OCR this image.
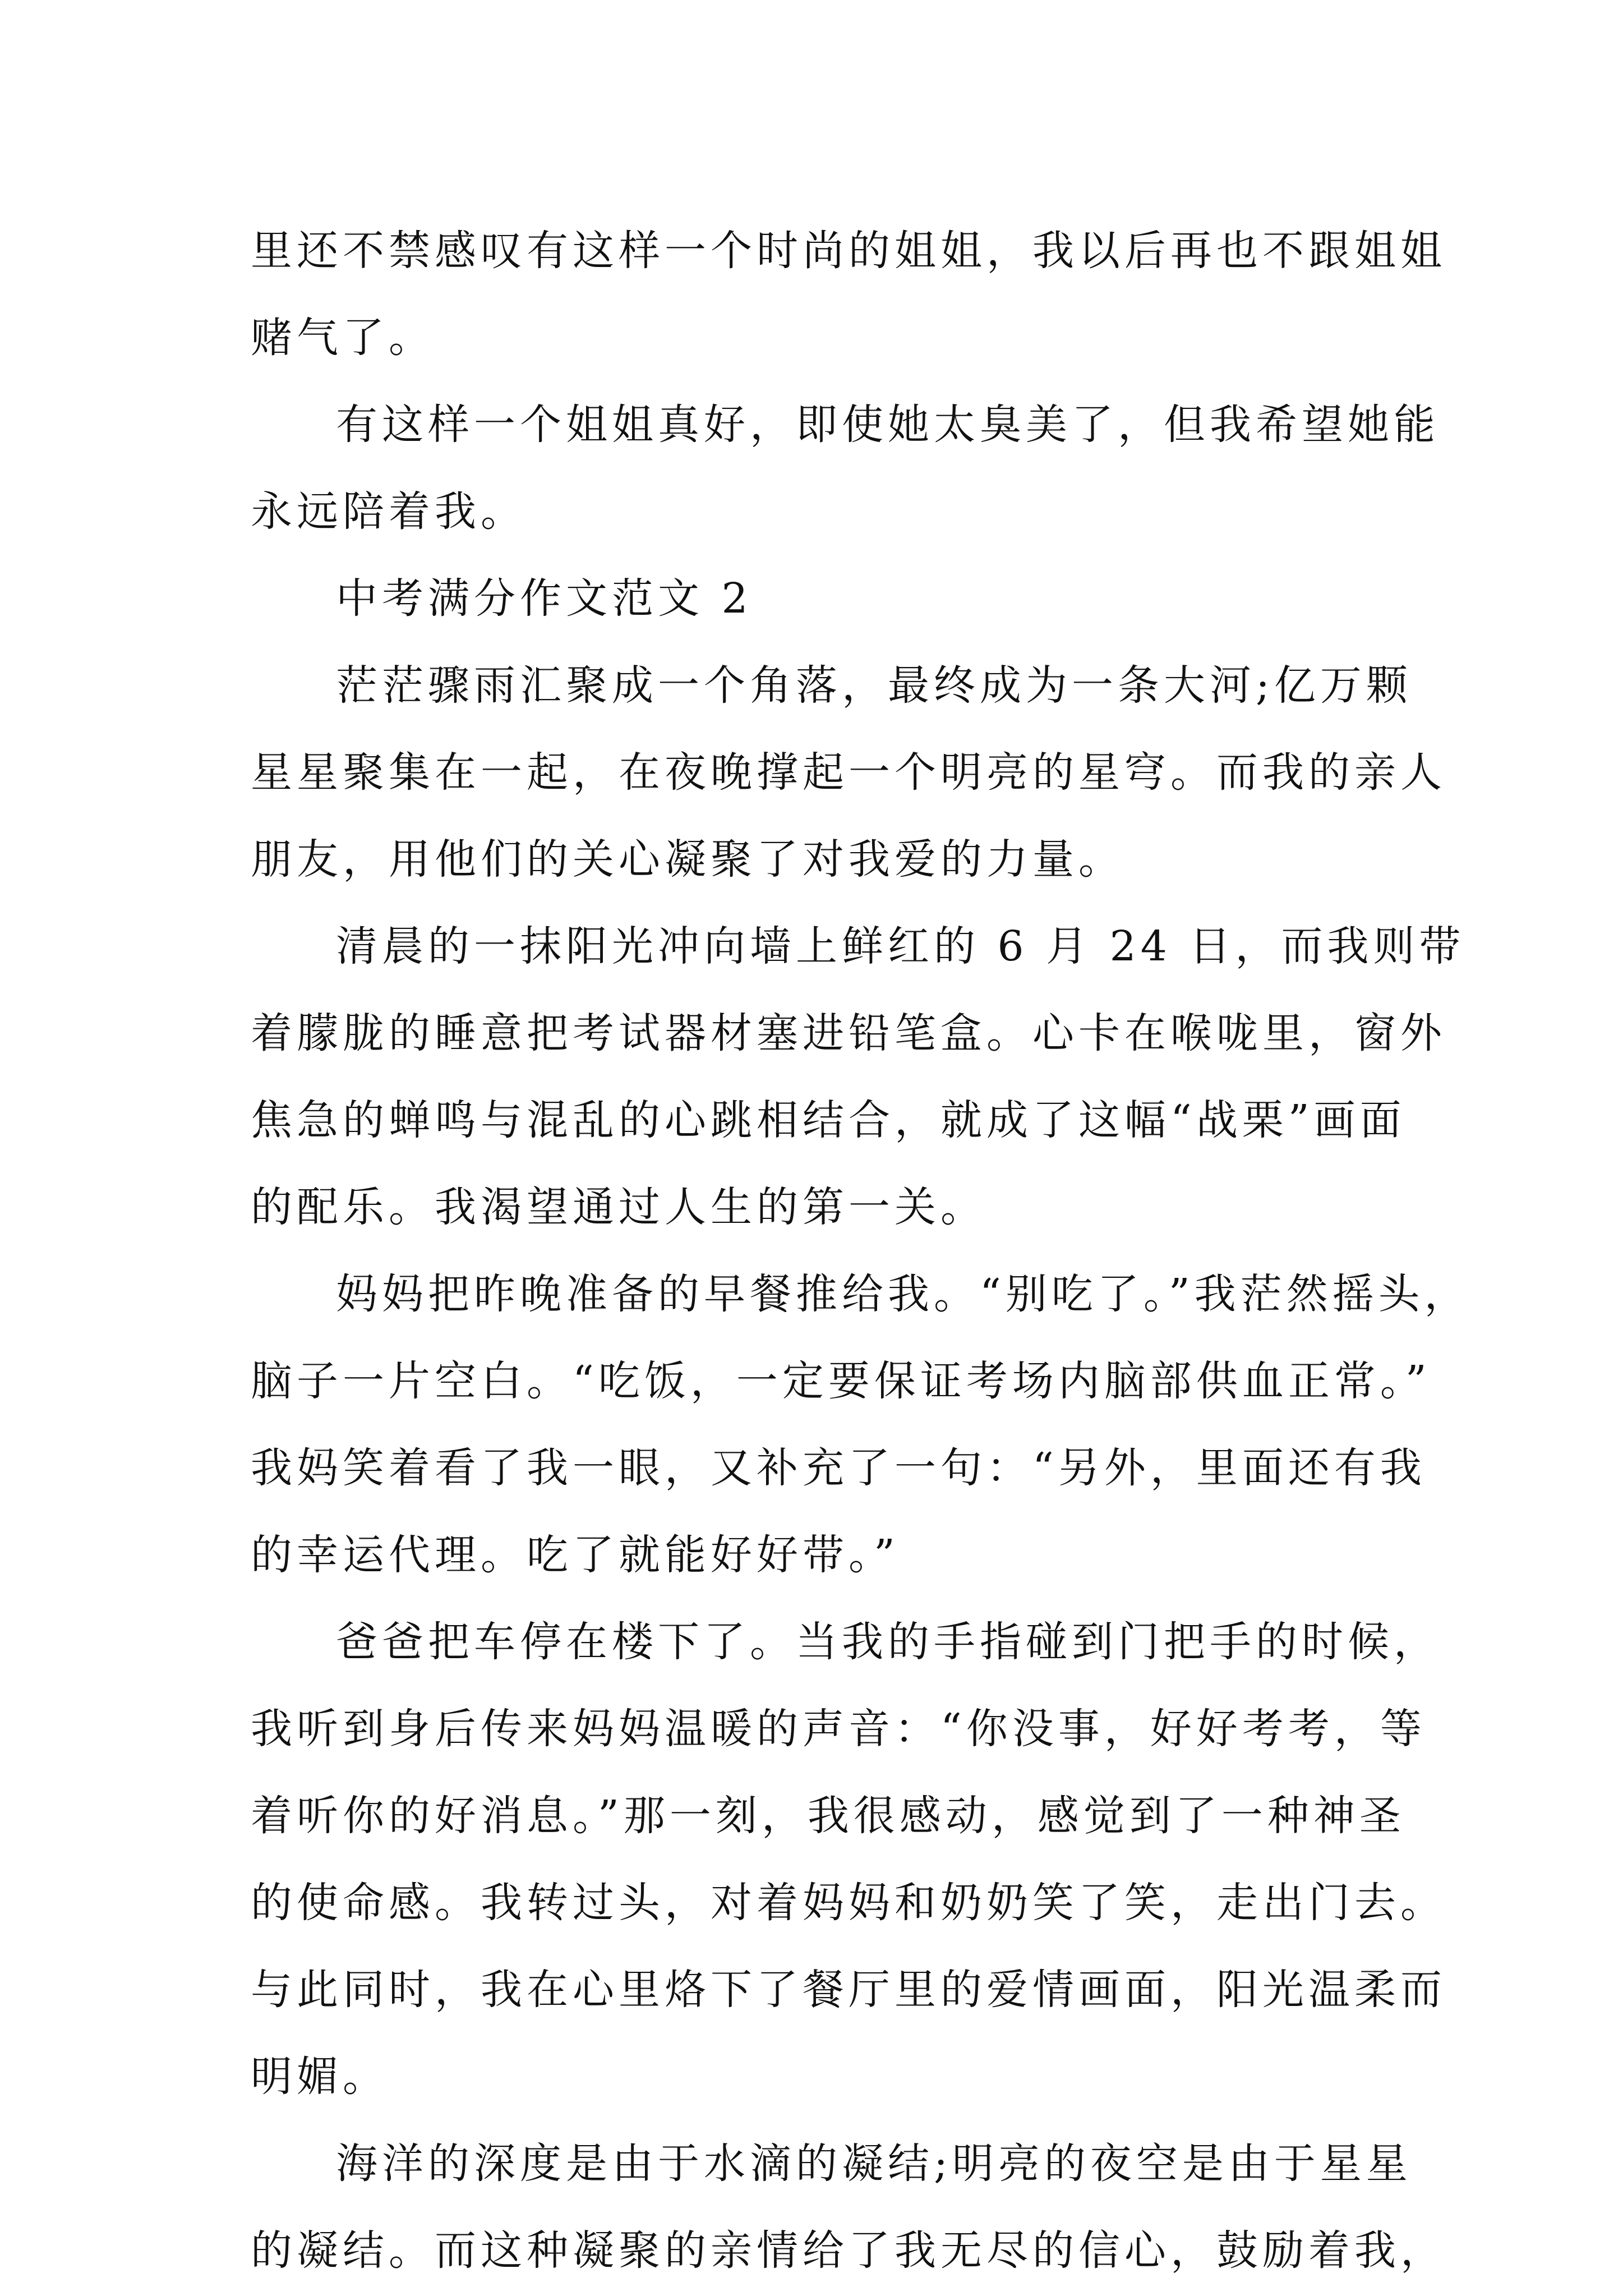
里还不禁感叹有这样一个时尚的姐姐，我以后再也不跟姐姐
赌气了。
有这样一个姐姐真好，即使她太臭美了，但我希望她能
永远陪着我。
中考满分作文范文 2
茫茫骤雨汇聚成一个角落，最终成为一条大河;亿万颗
星星聚集在一起，在夜晚撑起一个明亮的星穹。而我的亲人
朋友，用他们的关心凝聚了对我爱的力量。
清晨的一抹阳光冲向墙上鲜红的 6 月 24 日，而我则带
着朦胧的睡意把考试器材塞进铅笔盒。心卡在喉咙里，窗外
焦急的蝉鸣与混乱的心跳相结合，就成了这幅“战栗”画面
的配乐。我渴望通过人生的第一关。
妈妈把昨晚准备的早餐推给我。“别吃了。”我茫然摇头，
脑子一片空白。“吃饭，一定要保证考场内脑部供血正常。”
我妈笑着看了我一眼，又补充了一句：“另外，里面还有我
的幸运代理。吃了就能好好带。”
爸爸把车停在楼下了。当我的手指碰到门把手的时候，
我听到身后传来妈妈温暖的声音：“你没事，好好考考，等
着听你的好消息。”那一刻，我很感动，感觉到了一种神圣
的使命感。我转过头，对着妈妈和奶奶笑了笑，走出门去。
与此同时，我在心里烙下了餐厅里的爱情画面，阳光温柔而
明媚。
海洋的深度是由于水滴的凝结;明亮的夜空是由于星星
的凝结。而这种凝聚的亲情给了我无尽的信心，鼓励着我，
